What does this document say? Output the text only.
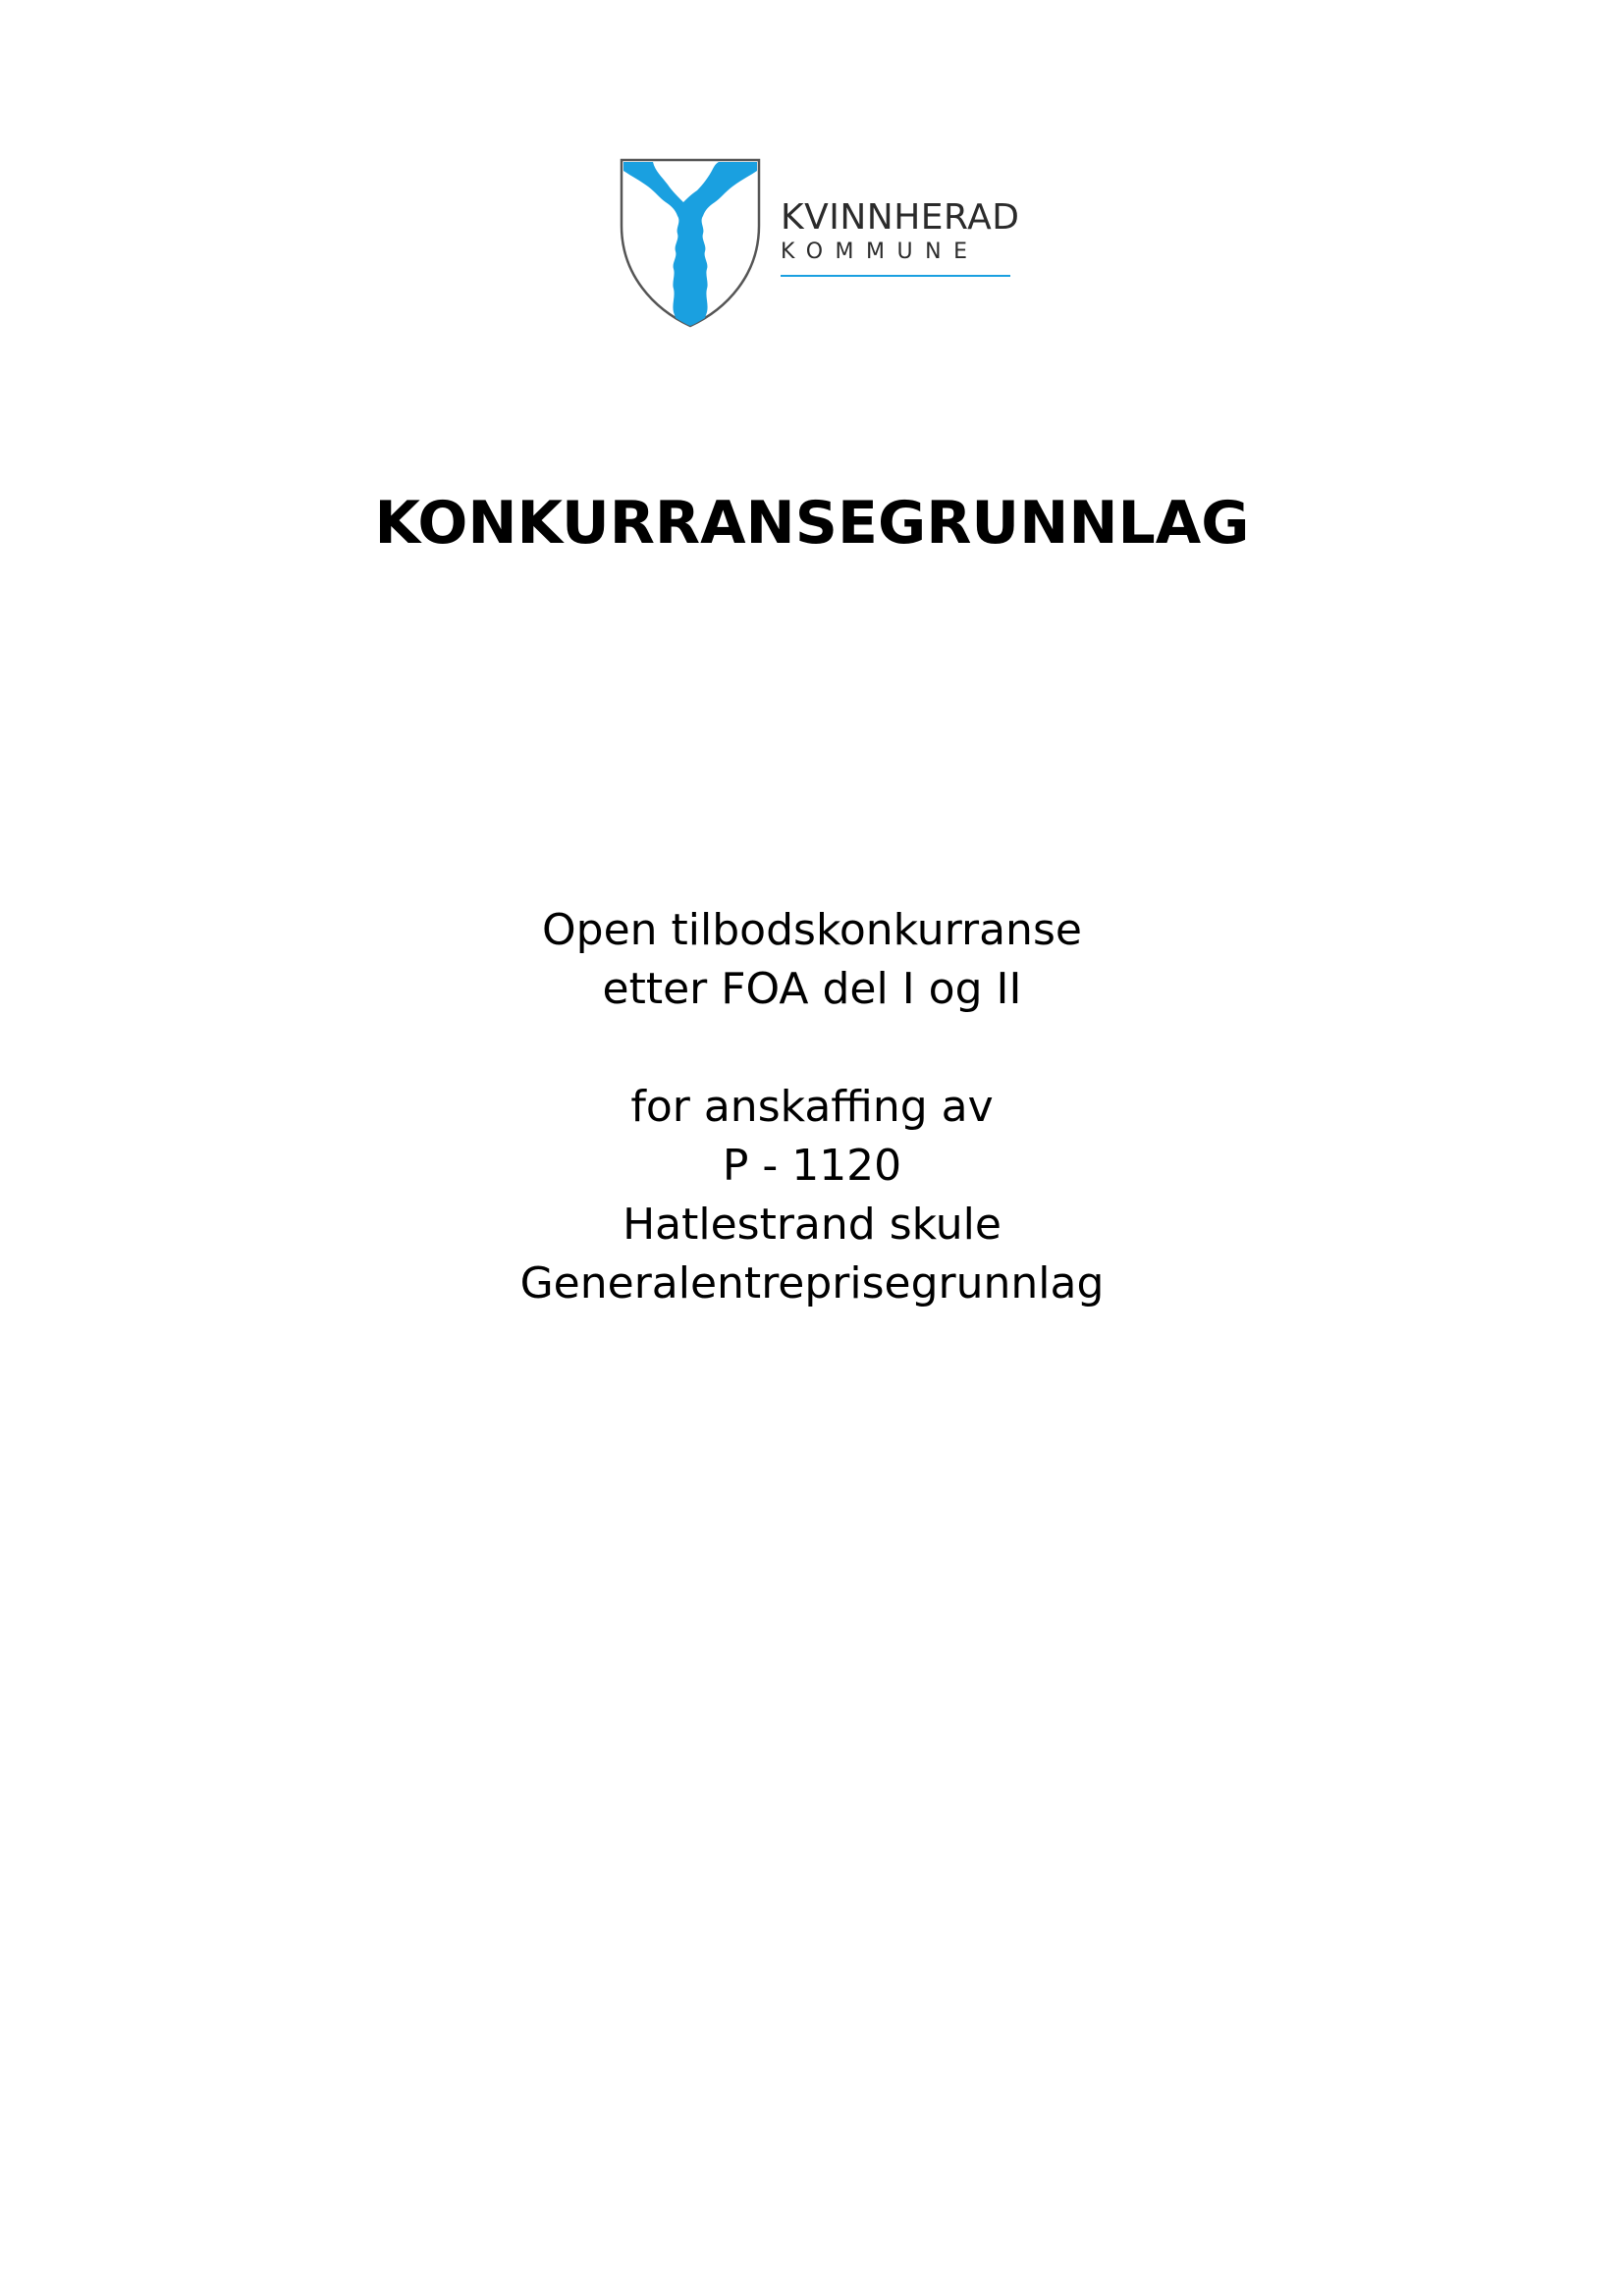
KVINNHERAD
KOMMUNE
KONKURRANSEGRUNNLAG
Open tilbodskonkurranse
etter FOA del I og II
for anskaffing av
P - 1120
Hatlestrand skule
Generalentreprisegrunnlag
